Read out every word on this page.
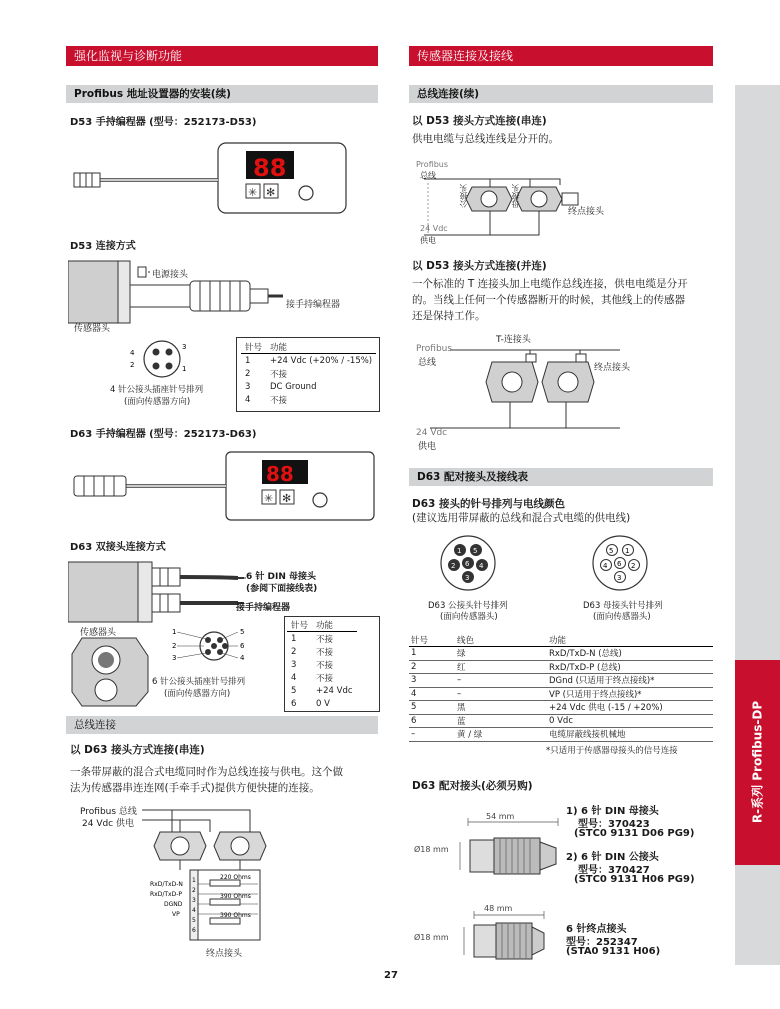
R-系列 Profibus-DP
强化监视与诊断功能
Profibus 地址设置器的安装(续)
D53 手持编程器 (型号：252173-D53)
88
✳ ✻
D53 连接方式
电源接头
接手持编程器
传感器头
4
2
3
1
4 针公接头插座针号排列
(面向传感器方向)
针号	功能
1	+24 Vdc (+20% / -15%)
2	不接
3	DC Ground
4	不接
D63 手持编程器 (型号：252173-D63)
88
✳ ✻
D63 双接头连接方式
1
2
3
5
6
4
6 针 DIN 母接头
(参阅下面接线表)
接手持编程器
传感器头
6 针公接头插座针号排列
(面向传感器方向)
针号	功能
1	不接
2	不接
3	不接
4	不接
5	+24 Vdc
6	0 V
总线连接
以 D63 接头方式连接(串连)
一条带屏蔽的混合式电缆同时作为总线连接与供电。这个做
法为传感器串连连网(手牵手式)提供方便快捷的连接。
1
2
3
4
5
6
220 Ohms
390 Ohms
390 Ohms
RxD/TxD-N
RxD/TxD-P
DGND
VP
Profibus 总线
24 Vdc 供电
终点接头
传感器连接及接线
总线连接(续)
以 D53 接头方式连接(串连)
供电电缆与总线连线是分开的。
Profibus
总线
公接头	母接头
终点接头
24 Vdc
供电
以 D53 接头方式连接(并连)
一个标准的 T 连接头加上电缆作总线连接，供电电缆是分开
的。当线上任何一个传感器断开的时候，其他线上的传感器
还是保持工作。
T-连接头
Profibus
总线	终点接头
24 Vdc
供电
D63 配对接头及接线表
D63 接头的针号排列与电线颜色
(建议选用带屏蔽的总线和混合式电缆的供电线)
1 5
2 6 4
3
1
5
2
6
4
3
D63 公接头针号排列
(面向传感器头)
D63 母接头针号排列
(面向传感器头)
针号	线色	功能
1	绿	RxD/TxD-N (总线)
2	红	RxD/TxD-P (总线)
3	–	DGnd (只适用于终点接线)*
4	–	VP (只适用于终点接线)*
5	黑	+24 Vdc 供电 (-15 / +20%)
6	蓝	0 Vdc
–	黄 / 绿	电缆屏蔽线接机械地
*只适用于传感器母接头的信号连接
D63 配对接头(必须另购)
54 mm
Ø18 mm
1) 6 针 DIN 母接头
型号：370423
(STC0 9131 D06 PG9)
2) 6 针 DIN 公接头
型号：370427
(STC0 9131 H06 PG9)
48 mm
Ø18 mm
6 针终点接头
型号：252347
(STA0 9131 H06)
27
